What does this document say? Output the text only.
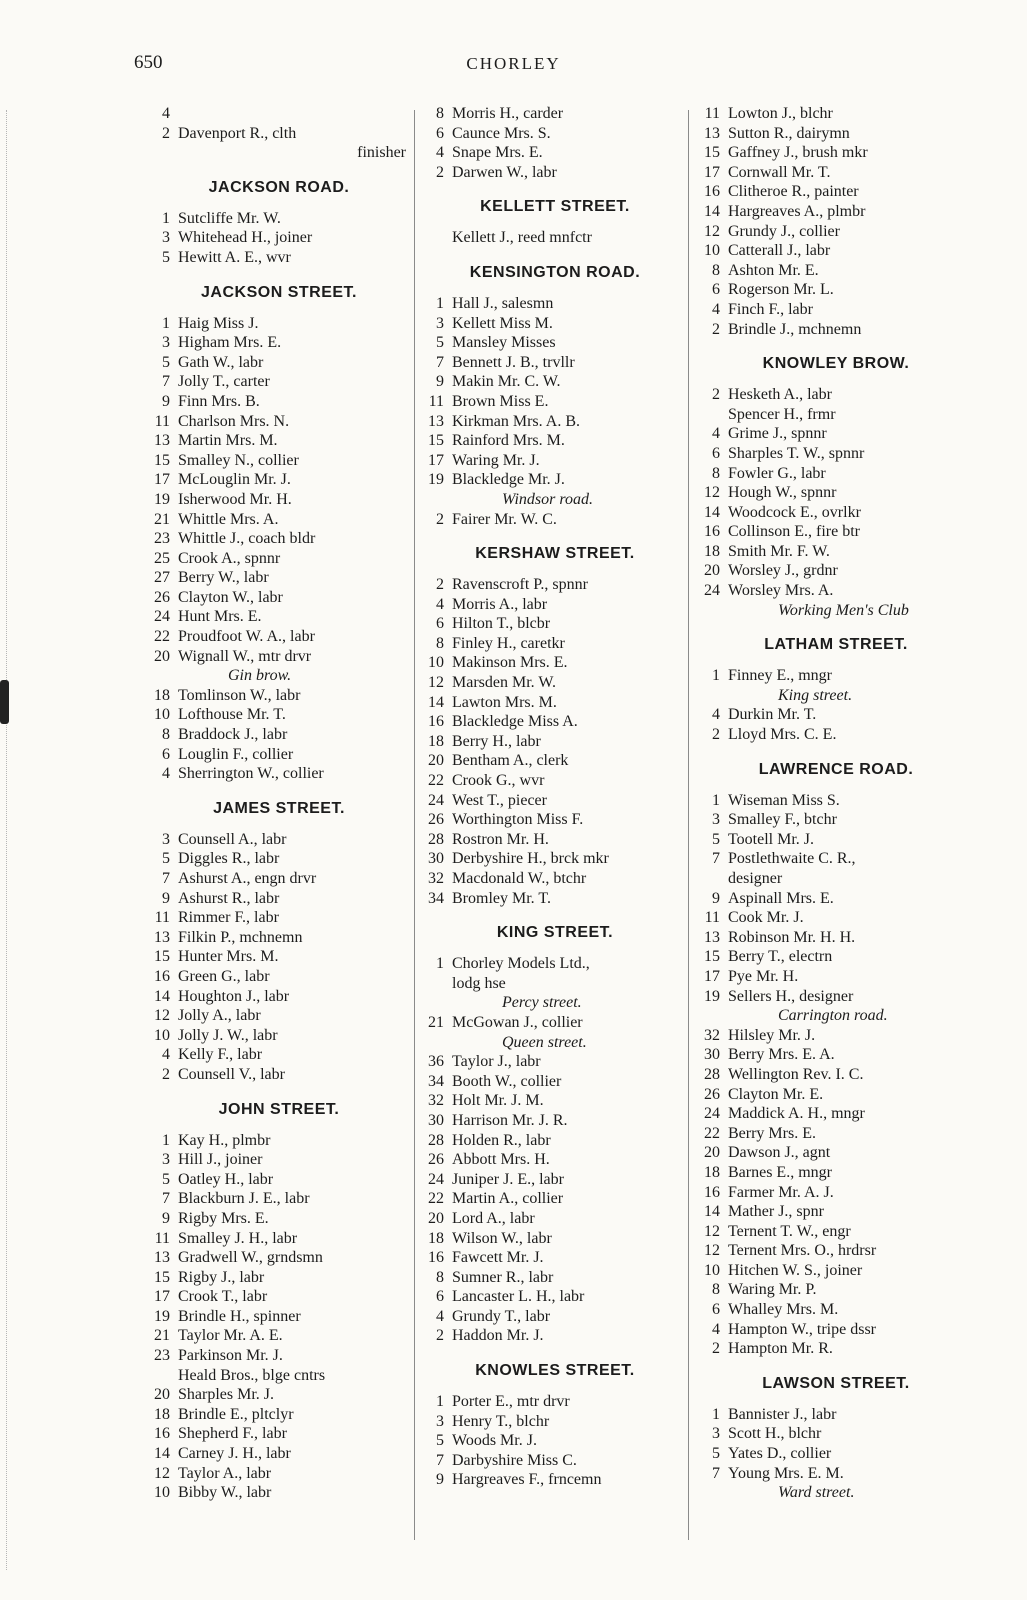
650	CHORLEY
4
2 Davenport R., clth
finisher
JACKSON ROAD.
1 Sutcliffe Mr. W.
3 Whitehead H., joiner
5 Hewitt A. E., wvr
JACKSON STREET.
1 Haig Miss J.
3 Higham Mrs. E.
5 Gath W., labr
7 Jolly T., carter
9 Finn Mrs. B.
11 Charlson Mrs. N.
13 Martin Mrs. M.
15 Smalley N., collier
17 McLouglin Mr. J.
19 Isherwood Mr. H.
21 Whittle Mrs. A.
23 Whittle J., coach bldr
25 Crook A., spnnr
27 Berry W., labr
26 Clayton W., labr
24 Hunt Mrs. E.
22 Proudfoot W. A., labr
20 Wignall W., mtr drvr
Gin brow.
18 Tomlinson W., labr
10 Lofthouse Mr. T.
8 Braddock J., labr
6 Louglin F., collier
4 Sherrington W., collier
JAMES STREET.
3 Counsell A., labr
5 Diggles R., labr
7 Ashurst A., engn drvr
9 Ashurst R., labr
11 Rimmer F., labr
13 Filkin P., mchnemn
15 Hunter Mrs. M.
16 Green G., labr
14 Houghton J., labr
12 Jolly A., labr
10 Jolly J. W., labr
4 Kelly F., labr
2 Counsell V., labr
JOHN STREET.
1 Kay H., plmbr
3 Hill J., joiner
5 Oatley H., labr
7 Blackburn J. E., labr
9 Rigby Mrs. E.
11 Smalley J. H., labr
13 Gradwell W., grndsmn
15 Rigby J., labr
17 Crook T., labr
19 Brindle H., spinner
21 Taylor Mr. A. E.
23 Parkinson Mr. J.
Heald Bros., blge cntrs
20 Sharples Mr. J.
18 Brindle E., pltclyr
16 Shepherd F., labr
14 Carney J. H., labr
12 Taylor A., labr
10 Bibby W., labr
8 Morris H., carder
6 Caunce Mrs. S.
4 Snape Mrs. E.
2 Darwen W., labr
KELLETT STREET.
Kellett J., reed mnfctr
KENSINGTON ROAD.
1 Hall J., salesmn
3 Kellett Miss M.
5 Mansley Misses
7 Bennett J. B., trvllr
9 Makin Mr. C. W.
11 Brown Miss E.
13 Kirkman Mrs. A. B.
15 Rainford Mrs. M.
17 Waring Mr. J.
19 Blackledge Mr. J.
Windsor road.
2 Fairer Mr. W. C.
KERSHAW STREET.
2 Ravenscroft P., spnnr
4 Morris A., labr
6 Hilton T., blcbr
8 Finley H., caretkr
10 Makinson Mrs. E.
12 Marsden Mr. W.
14 Lawton Mrs. M.
16 Blackledge Miss A.
18 Berry H., labr
20 Bentham A., clerk
22 Crook G., wvr
24 West T., piecer
26 Worthington Miss F.
28 Rostron Mr. H.
30 Derbyshire H., brck mkr
32 Macdonald W., btchr
34 Bromley Mr. T.
KING STREET.
1 Chorley Models Ltd.,
lodg hse
Percy street.
21 McGowan J., collier
Queen street.
36 Taylor J., labr
34 Booth W., collier
32 Holt Mr. J. M.
30 Harrison Mr. J. R.
28 Holden R., labr
26 Abbott Mrs. H.
24 Juniper J. E., labr
22 Martin A., collier
20 Lord A., labr
18 Wilson W., labr
16 Fawcett Mr. J.
8 Sumner R., labr
6 Lancaster L. H., labr
4 Grundy T., labr
2 Haddon Mr. J.
KNOWLES STREET.
1 Porter E., mtr drvr
3 Henry T., blchr
5 Woods Mr. J.
7 Darbyshire Miss C.
9 Hargreaves F., frncemn
11 Lowton J., blchr
13 Sutton R., dairymn
15 Gaffney J., brush mkr
17 Cornwall Mr. T.
16 Clitheroe R., painter
14 Hargreaves A., plmbr
12 Grundy J., collier
10 Catterall J., labr
8 Ashton Mr. E.
6 Rogerson Mr. L.
4 Finch F., labr
2 Brindle J., mchnemn
KNOWLEY BROW.
2 Hesketh A., labr
Spencer H., frmr
4 Grime J., spnnr
6 Sharples T. W., spnnr
8 Fowler G., labr
12 Hough W., spnnr
14 Woodcock E., ovrlkr
16 Collinson E., fire btr
18 Smith Mr. F. W.
20 Worsley J., grdnr
24 Worsley Mrs. A.
Working Men's Club
LATHAM STREET.
1 Finney E., mngr
King street.
4 Durkin Mr. T.
2 Lloyd Mrs. C. E.
LAWRENCE ROAD.
1 Wiseman Miss S.
3 Smalley F., btchr
5 Tootell Mr. J.
7 Postlethwaite C. R.,
designer
9 Aspinall Mrs. E.
11 Cook Mr. J.
13 Robinson Mr. H. H.
15 Berry T., electrn
17 Pye Mr. H.
19 Sellers H., designer
Carrington road.
32 Hilsley Mr. J.
30 Berry Mrs. E. A.
28 Wellington Rev. I. C.
26 Clayton Mr. E.
24 Maddick A. H., mngr
22 Berry Mrs. E.
20 Dawson J., agnt
18 Barnes E., mngr
16 Farmer Mr. A. J.
14 Mather J., spnr
12 Ternent T. W., engr
12 Ternent Mrs. O., hrdrsr
10 Hitchen W. S., joiner
8 Waring Mr. P.
6 Whalley Mrs. M.
4 Hampton W., tripe dssr
2 Hampton Mr. R.
LAWSON STREET.
1 Bannister J., labr
3 Scott H., blchr
5 Yates D., collier
7 Young Mrs. E. M.
Ward street.
